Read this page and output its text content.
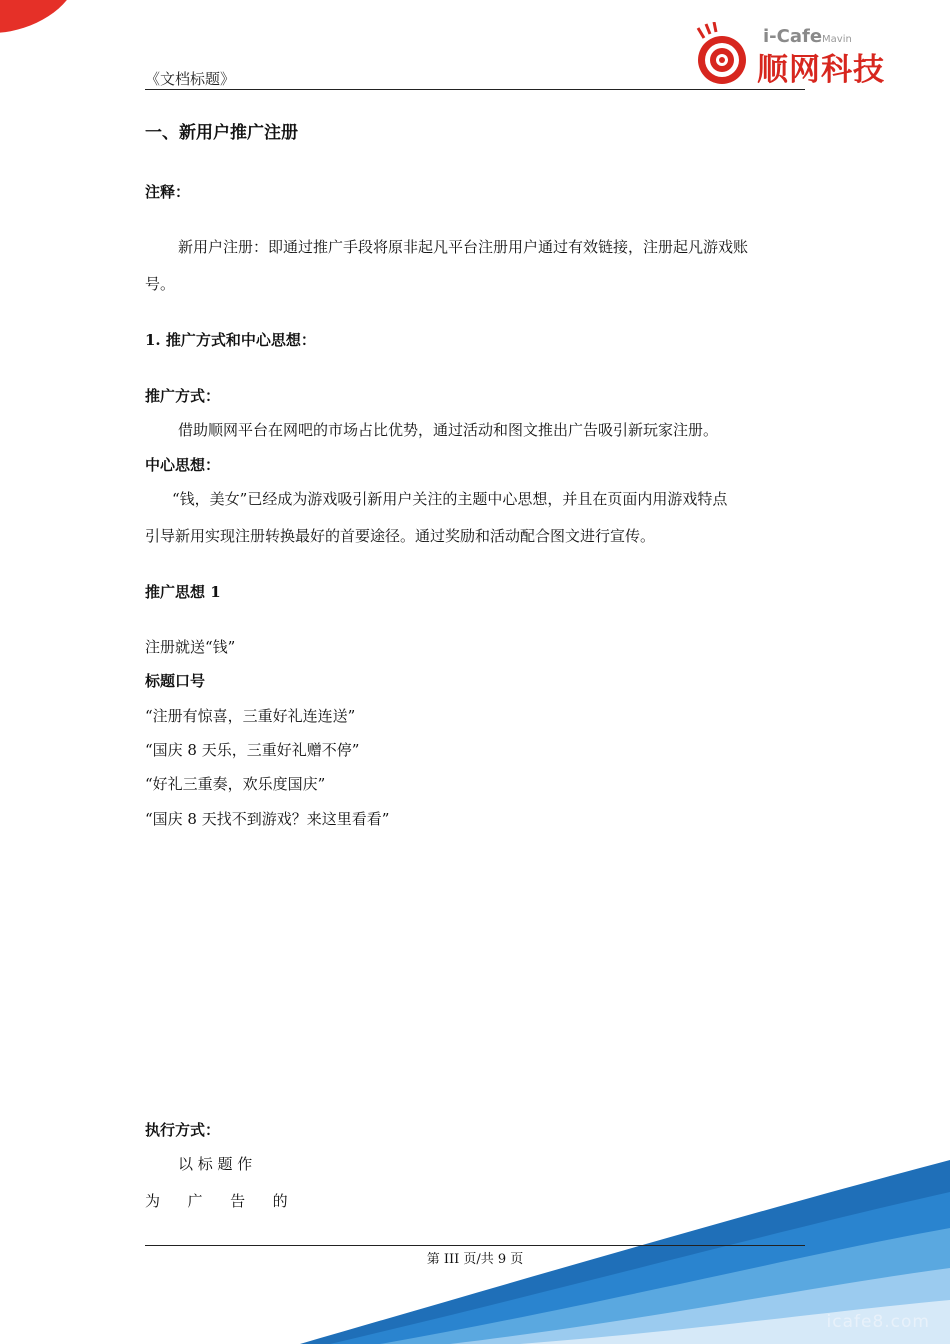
《文档标题》
i-CafeMavin
顺网科技
一、新用户推广注册
注释：
新用户注册：即通过推广手段将原非起凡平台注册用户通过有效链接，注册起凡游戏账
号。
1. 推广方式和中心思想：
推广方式：
借助顺网平台在网吧的市场占比优势，通过活动和图文推出广告吸引新玩家注册。
中心思想：
“钱，美女”已经成为游戏吸引新用户关注的主题中心思想，并且在页面内用游戏特点
引导新用实现注册转换最好的首要途径。通过奖励和活动配合图文进行宣传。
推广思想 1
注册就送“钱”
标题口号
“注册有惊喜，三重好礼连连送”
“国庆 8 天乐，三重好礼赠不停”
“好礼三重奏，欢乐度国庆”
“国庆 8 天找不到游戏？来这里看看”
执行方式：
以 标 题 作
为  广  告  的
第 III 页/共 9 页
icafe8.com
